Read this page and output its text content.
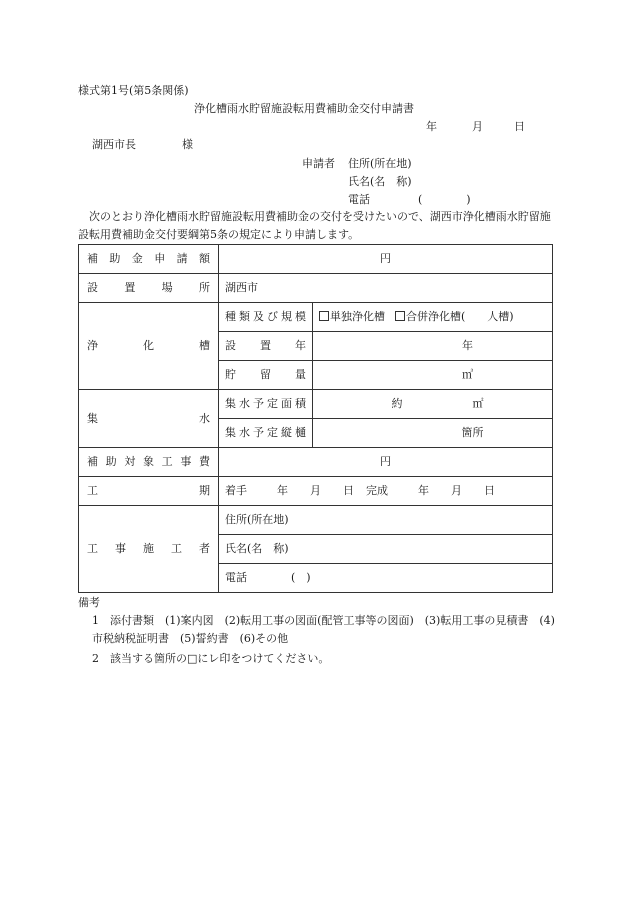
様式第1号(第5条関係)
浄化槽雨水貯留施設転用費補助金交付申請書
年	月	日
湖西市長	様
申請者 住所(所在地)
氏名(名　称)
電話	(　　　　)
　次のとおり浄化槽雨水貯留施設転用費補助金の交付を受けたいので、湖西市浄化槽雨水貯留施設転用費補助金交付要綱第5条の規定により申請します。
補助金申請額	円	
設置場所	湖西市	
浄化槽	種類及び規模	単独浄化槽 合併浄化槽( 人槽)
	設置年	年
	貯留量	㎥
集水	集水予定面積	約 ㎡
	集水予定縦樋	箇所
補助対象工事費	円	
工期	着手 年 月 日 完成 年 月 日	
工事施工者	住所(所在地)	
	氏名(名　称)	
	電話 (　)	
備考
1　添付書類　(1)案内図　(2)転用工事の図面(配管工事等の図面)　(3)転用工事の見積書　(4)市税納税証明書　(5)誓約書　(6)その他
2　該当する箇所の□にレ印をつけてください。
